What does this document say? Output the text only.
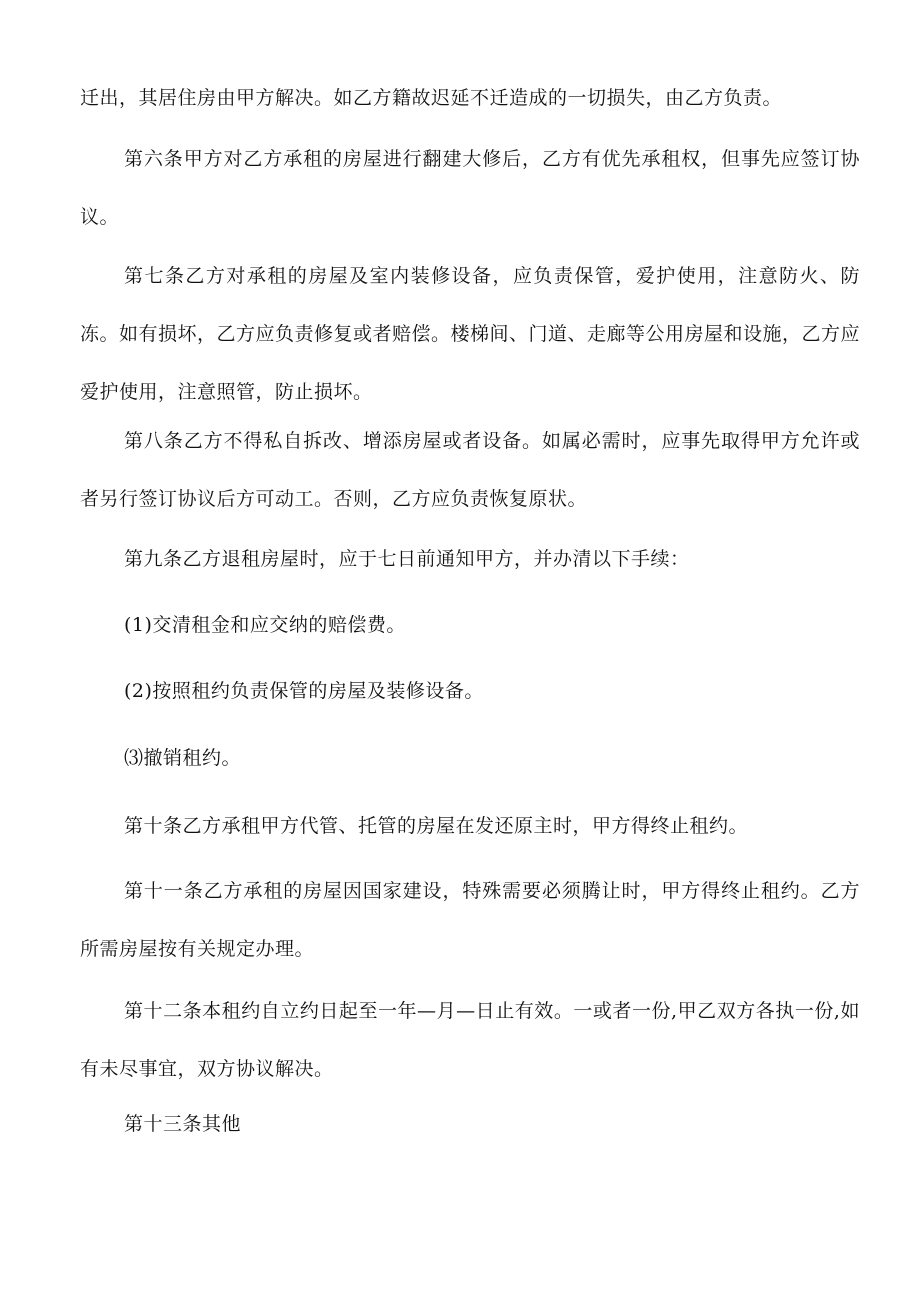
迁出，其居住房由甲方解决。如乙方籍故迟延不迁造成的一切损失，由乙方负责。

第六条甲方对乙方承租的房屋进行翻建大修后，乙方有优先承租权，但事先应签订协议。

第七条乙方对承租的房屋及室内装修设备，应负责保管，爱护使用，注意防火、防冻。如有损坏，乙方应负责修复或者赔偿。楼梯间、门道、走廊等公用房屋和设施，乙方应爱护使用，注意照管，防止损坏。

第八条乙方不得私自拆改、增添房屋或者设备。如属必需时，应事先取得甲方允许或者另行签订协议后方可动工。否则，乙方应负责恢复原状。

第九条乙方退租房屋时，应于七日前通知甲方，并办清以下手续：

(1)交清租金和应交纳的赔偿费。

(2)按照租约负责保管的房屋及装修设备。

⑶撤销租约。

第十条乙方承租甲方代管、托管的房屋在发还原主时，甲方得终止租约。

第十一条乙方承租的房屋因国家建设，特殊需要必须腾让时，甲方得终止租约。乙方所需房屋按有关规定办理。

第十二条本租约自立约日起至一年—月—日止有效。一或者一份,甲乙双方各执一份,如有未尽事宜，双方协议解决。

第十三条其他
